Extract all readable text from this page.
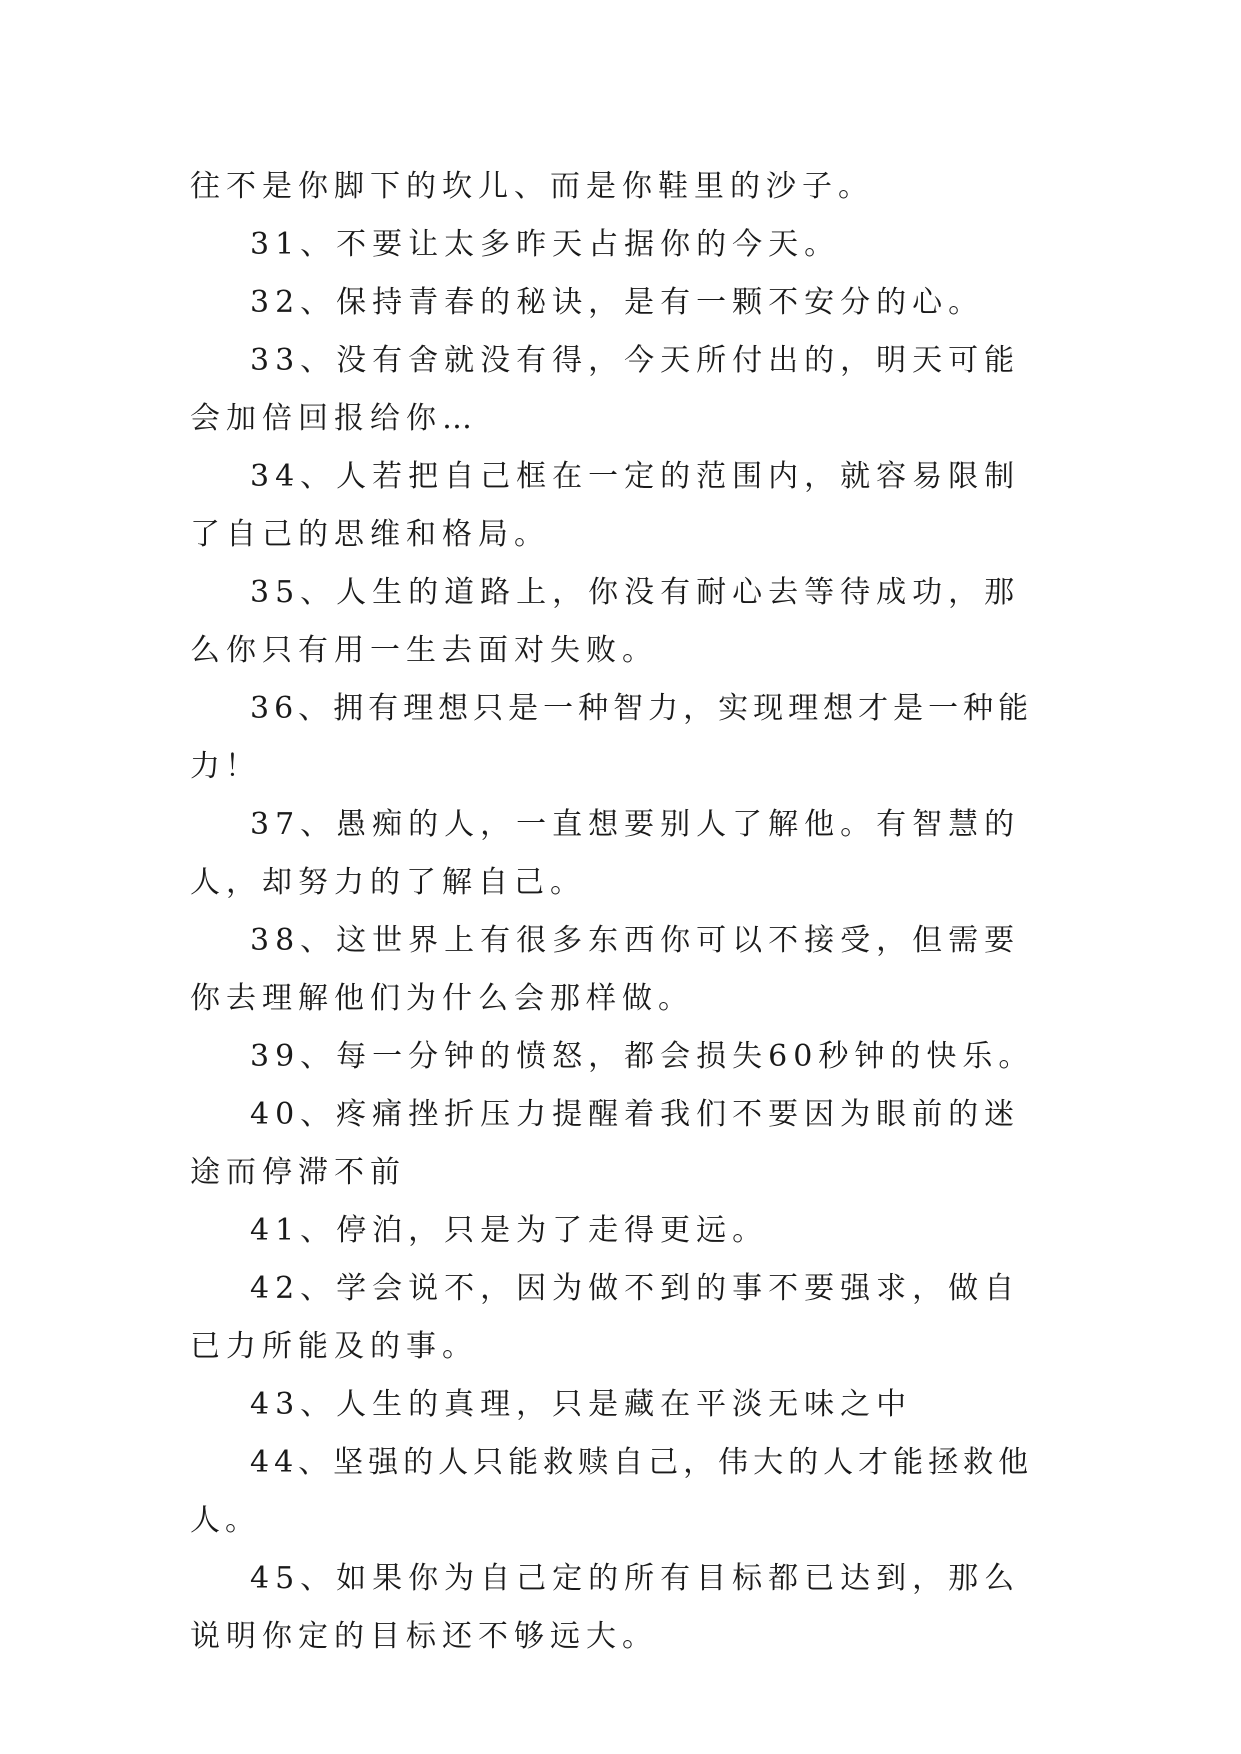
往不是你脚下的坎儿、而是你鞋里的沙子。

31、不要让太多昨天占据你的今天。

32、保持青春的秘诀，是有一颗不安分的心。

33、没有舍就没有得，今天所付出的，明天可能会加倍回报给你…

34、人若把自己框在一定的范围内，就容易限制了自己的思维和格局。

35、人生的道路上，你没有耐心去等待成功，那么你只有用一生去面对失败。

36、拥有理想只是一种智力，实现理想才是一种能力！

37、愚痴的人，一直想要别人了解他。有智慧的人，却努力的了解自己。

38、这世界上有很多东西你可以不接受，但需要你去理解他们为什么会那样做。

39、每一分钟的愤怒，都会损失60秒钟的快乐。

40、疼痛挫折压力提醒着我们不要因为眼前的迷途而停滞不前

41、停泊，只是为了走得更远。

42、学会说不，因为做不到的事不要强求，做自已力所能及的事。

43、人生的真理，只是藏在平淡无味之中

44、坚强的人只能救赎自己，伟大的人才能拯救他人。

45、如果你为自己定的所有目标都已达到，那么说明你定的目标还不够远大。
